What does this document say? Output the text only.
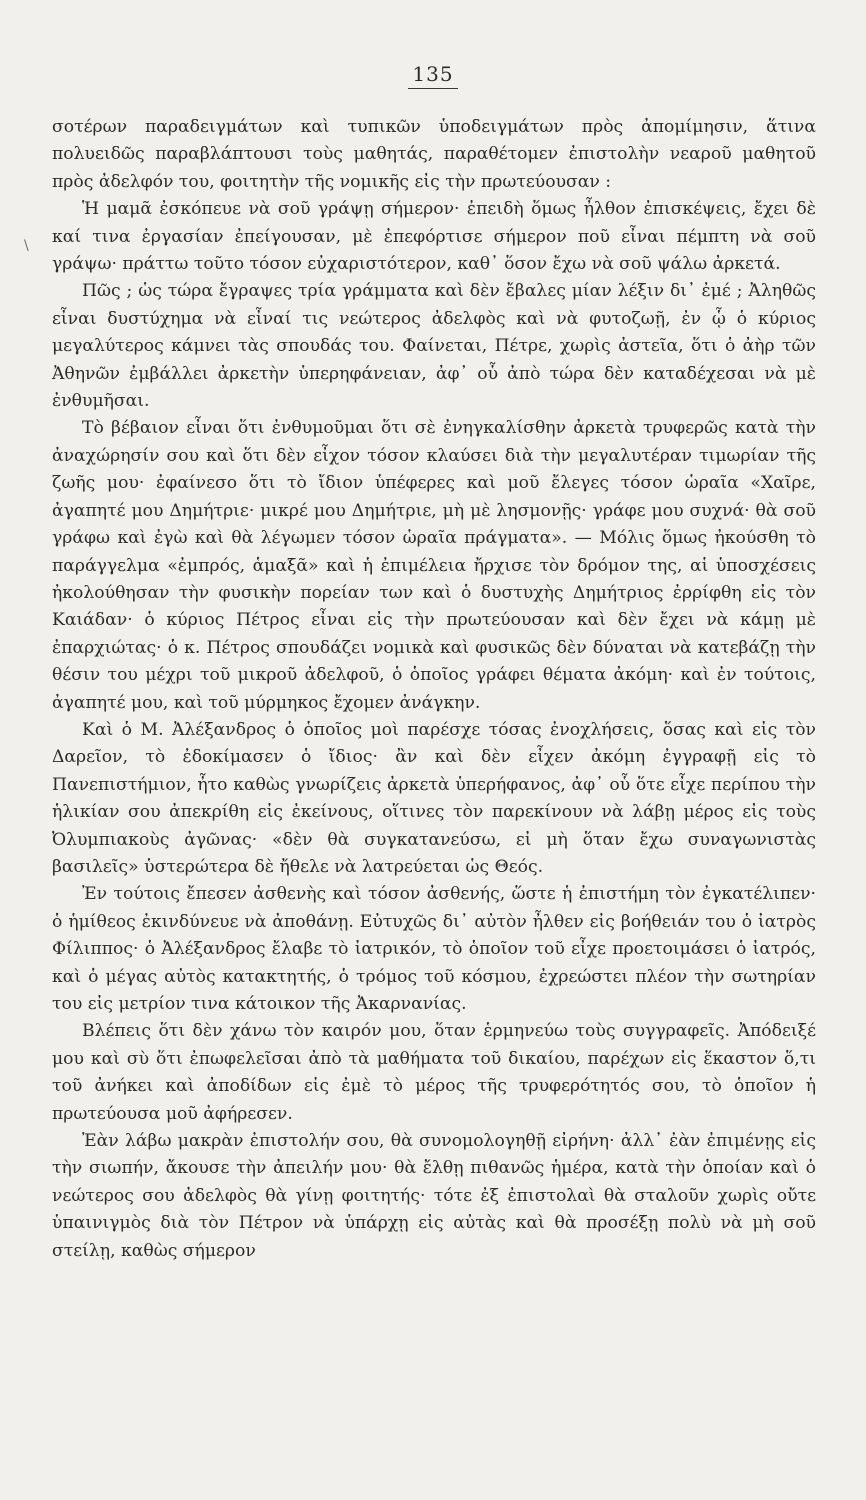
135
\

σοτέρων παραδειγμάτων καὶ τυπικῶν ὑποδειγμάτων πρὸς ἀπομίμησιν, ἅτινα πολυειδῶς παραβλάπτουσι τοὺς μαθητάς, παραθέτομεν ἐπιστολὴν νεαροῦ μαθητοῦ πρὸς ἀδελφόν του, φοιτητὴν τῆς νομικῆς εἰς τὴν πρωτεύουσαν :

Ἡ μαμᾶ ἐσκόπευε νὰ σοῦ γράψῃ σήμερον· ἐπειδὴ ὅμως ἦλθον ἐπισκέψεις, ἔχει δὲ καί τινα ἐργασίαν ἐπείγουσαν, μὲ ἐπεφόρτισε σήμερον ποῦ εἶναι πέμπτη νὰ σοῦ γράψω· πράττω τοῦτο τόσον εὐχαριστότερον, καθ᾽ ὅσον ἔχω νὰ σοῦ ψάλω ἀρκετά.

Πῶς ; ὡς τώρα ἔγραψες τρία γράμματα καὶ δὲν ἔβαλες μίαν λέξιν δι᾽ ἐμέ ; Ἀληθῶς εἶναι δυστύχημα νὰ εἶναί τις νεώτερος ἀδελφὸς καὶ νὰ φυτοζωῇ, ἐν ᾧ ὁ κύριος μεγαλύτερος κάμνει τὰς σπουδάς του. Φαίνεται, Πέτρε, χωρὶς ἀστεῖα, ὅτι ὁ ἀὴρ τῶν Ἀθηνῶν ἐμβάλλει ἀρκετὴν ὑπερηφάνειαν, ἀφ᾽ οὗ ἀπὸ τώρα δὲν καταδέχεσαι νὰ μὲ ἐνθυμῆσαι.

Τὸ βέβαιον εἶναι ὅτι ἐνθυμοῦμαι ὅτι σὲ ἐνηγκαλίσθην ἀρκετὰ τρυφερῶς κατὰ τὴν ἀναχώρησίν σου καὶ ὅτι δὲν εἶχον τόσον κλαύσει διὰ τὴν μεγαλυτέραν τιμωρίαν τῆς ζωῆς μου· ἐφαίνεσο ὅτι τὸ ἴδιον ὑπέφερες καὶ μοῦ ἔλεγες τόσον ὡραῖα «Χαῖρε, ἀγαπητέ μου Δημήτριε· μικρέ μου Δημήτριε, μὴ μὲ λησμονῇς· γράφε μου συχνά· θὰ σοῦ γράφω καὶ ἐγὼ καὶ θὰ λέγωμεν τόσον ὡραῖα πράγματα». — Μόλις ὅμως ἠκούσθη τὸ παράγγελμα «ἐμπρός, ἁμαξᾶ» καὶ ἡ ἐπιμέλεια ἤρχισε τὸν δρόμον της, αἱ ὑποσχέσεις ἠκολούθησαν τὴν φυσικὴν πορείαν των καὶ ὁ δυστυχὴς Δημήτριος ἐρρίφθη εἰς τὸν Καιάδαν· ὁ κύριος Πέτρος εἶναι εἰς τὴν πρωτεύουσαν καὶ δὲν ἔχει νὰ κάμῃ μὲ ἐπαρχιώτας· ὁ κ. Πέτρος σπουδάζει νομικὰ καὶ φυσικῶς δὲν δύναται νὰ κατεβάζῃ τὴν θέσιν του μέχρι τοῦ μικροῦ ἀδελφοῦ, ὁ ὁποῖος γράφει θέματα ἀκόμη· καὶ ἐν τούτοις, ἀγαπητέ μου, καὶ τοῦ μύρμηκος ἔχομεν ἀνάγκην.

Καὶ ὁ Μ. Ἀλέξανδρος ὁ ὁποῖος μοὶ παρέσχε τόσας ἐνοχλήσεις, ὅσας καὶ εἰς τὸν Δαρεῖον, τὸ ἐδοκίμασεν ὁ ἴδιος· ἂν καὶ δὲν εἶχεν ἀκόμη ἐγγραφῇ εἰς τὸ Πανεπιστήμιον, ἦτο καθὼς γνωρίζεις ἀρκετὰ ὑπερήφανος, ἀφ᾽ οὗ ὅτε εἶχε περίπου τὴν ἡλικίαν σου ἀπεκρίθη εἰς ἐκείνους, οἵτινες τὸν παρεκίνουν νὰ λάβῃ μέρος εἰς τοὺς Ὀλυμπιακοὺς ἀγῶνας· «δὲν θὰ συγκατανεύσω, εἰ μὴ ὅταν ἔχω συναγωνιστὰς βασιλεῖς» ὑστερώτερα δὲ ἤθελε νὰ λατρεύεται ὡς Θεός.

Ἐν τούτοις ἔπεσεν ἀσθενὴς καὶ τόσον ἀσθενής, ὥστε ἡ ἐπιστήμη τὸν ἐγκατέλιπεν· ὁ ἡμίθεος ἐκινδύνευε νὰ ἀποθάνῃ. Εὐτυχῶς δι᾽ αὐτὸν ἦλθεν εἰς βοήθειάν του ὁ ἰατρὸς Φίλιππος· ὁ Ἀλέξανδρος ἔλαβε τὸ ἰατρικόν, τὸ ὁποῖον τοῦ εἶχε προετοιμάσει ὁ ἰατρός, καὶ ὁ μέγας αὐτὸς κατακτητής, ὁ τρόμος τοῦ κόσμου, ἐχρεώστει πλέον τὴν σωτηρίαν του εἰς μετρίον τινα κάτοικον τῆς Ἀκαρνανίας.

Βλέπεις ὅτι δὲν χάνω τὸν καιρόν μου, ὅταν ἑρμηνεύω τοὺς συγγραφεῖς. Ἀπόδειξέ μου καὶ σὺ ὅτι ἐπωφελεῖσαι ἀπὸ τὰ μαθήματα τοῦ δικαίου, παρέχων εἰς ἕκαστον ὅ,τι τοῦ ἀνήκει καὶ ἀποδίδων εἰς ἐμὲ τὸ μέρος τῆς τρυφερότητός σου, τὸ ὁποῖον ἡ πρωτεύουσα μοῦ ἀφήρεσεν.

Ἐὰν λάβω μακρὰν ἐπιστολήν σου, θὰ συνομολογηθῇ εἰρήνη· ἀλλ᾽ ἐὰν ἐπιμένῃς εἰς τὴν σιωπήν, ἄκουσε τὴν ἀπειλήν μου· θὰ ἔλθῃ πιθανῶς ἡμέρα, κατὰ τὴν ὁποίαν καὶ ὁ νεώτερος σου ἀδελφὸς θὰ γίνῃ φοιτητής· τότε ἐξ ἐπιστολαὶ θὰ σταλοῦν χωρὶς οὔτε ὑπαινιγμὸς διὰ τὸν Πέτρον νὰ ὑπάρχῃ εἰς αὐτὰς καὶ θὰ προσέξῃ πολὺ νὰ μὴ σοῦ στείλῃ, καθὼς σήμερον
